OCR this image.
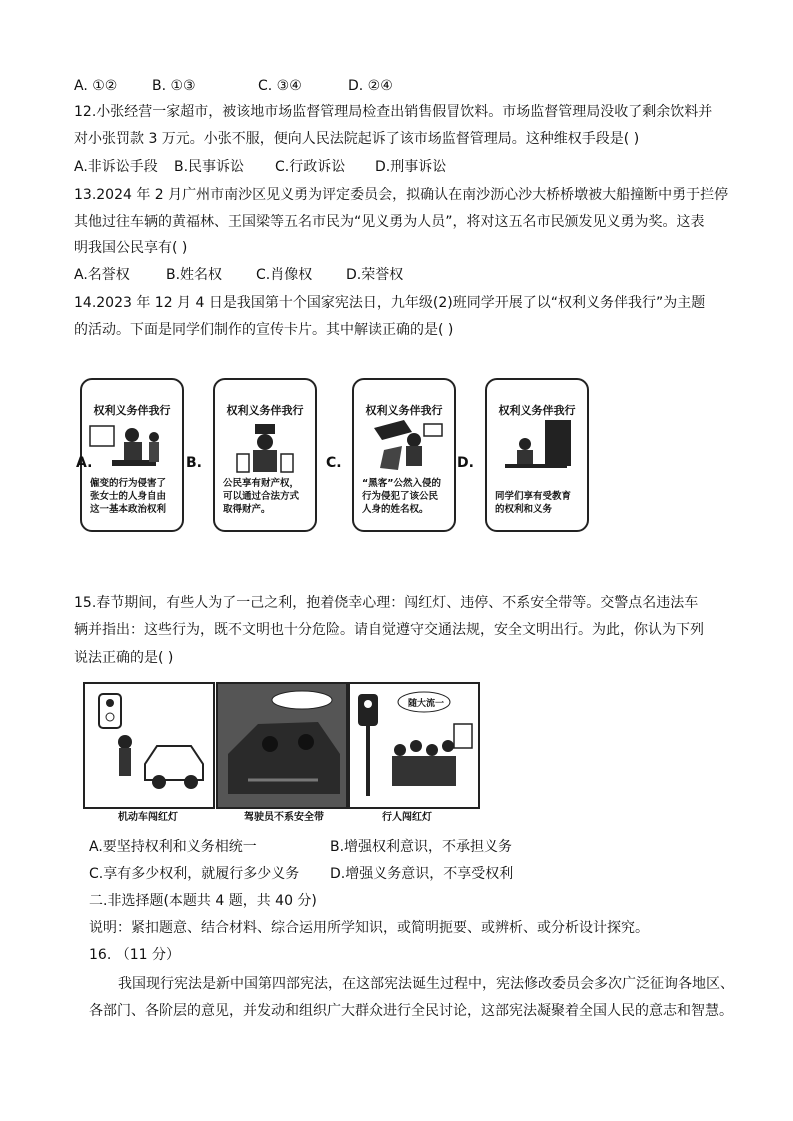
A. ①② B. ①③	C. ③④	D. ②④
12.小张经营一家超市，被该地市场监督管理局检查出销售假冒饮料。市场监督管理局没收了剩余饮料并
对小张罚款 3 万元。小张不服，便向人民法院起诉了该市场监督管理局。这种维权手段是( )
A.非诉讼手段 B.民事诉讼 C.行政诉讼 D.刑事诉讼
13.2024 年 2 月广州市南沙区见义勇为评定委员会，拟确认在南沙沥心沙大桥桥墩被大船撞断中勇于拦停
其他过往车辆的黄福林、王国梁等五名市民为“见义勇为人员”，将对这五名市民颁发见义勇为奖。这表
明我国公民享有( )
A.名誉权	B.姓名权 C.肖像权 D.荣誉权
14.2023 年 12 月 4 日是我国第十个国家宪法日，九年级(2)班同学开展了以“权利义务伴我行”为主题
的活动。下面是同学们制作的宣传卡片。其中解读正确的是( )
权利义务伴我行
僱变的行为侵害了张女士的人身自由这一基本政治权利
A.
权利义务伴我行
公民享有财产权，可以通过合法方式取得财产。
B.
权利义务伴我行
“黑客”公然入侵的行为侵犯了该公民人身的姓名权。
C.
权利义务伴我行
同学们享有受教育的权利和义务
D.
15.春节期间，有些人为了一己之利，抱着侥幸心理：闯红灯、违停、不系安全带等。交警点名违法车
辆并指出：这些行为，既不文明也十分危险。请自觉遵守交通法规，安全文明出行。为此，你认为下列
说法正确的是( )
机动车闯红灯	驾驶员不系安全带
随大流一
行人闯红灯
A.要坚持权利和义务相统一	B.增强权利意识，不承担义务
C.享有多少权利，就履行多少义务 D.增强义务意识，不享受权利
二.非选择题(本题共 4 题，共 40 分)
说明：紧扣题意、结合材料、综合运用所学知识，或简明扼要、或辨析、或分析设计探究。
16. （11 分）
我国现行宪法是新中国第四部宪法，在这部宪法诞生过程中，宪法修改委员会多次广泛征询各地区、
各部门、各阶层的意见，并发动和组织广大群众进行全民讨论，这部宪法凝聚着全国人民的意志和智慧。
